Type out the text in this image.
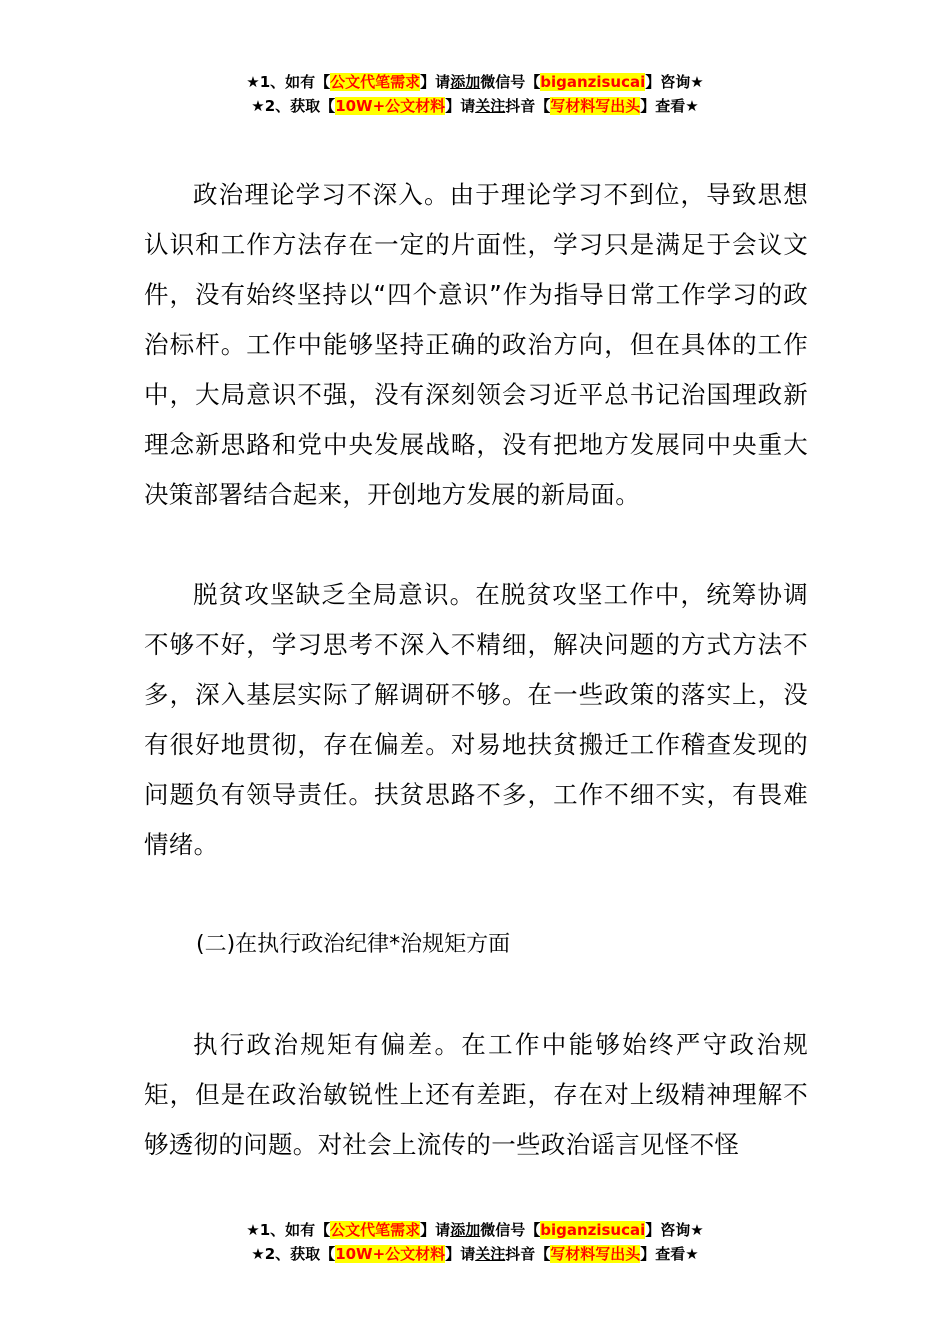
★1、如有【公文代笔需求】请添加微信号【biganzisucai】咨询★
★2、获取【10W+公文材料】请关注抖音【写材料写出头】查看★

政治理论学习不深入。由于理论学习不到位，导致思想认识和工作方法存在一定的片面性，学习只是满足于会议文件，没有始终坚持以“四个意识”作为指导日常工作学习的政治标杆。工作中能够坚持正确的政治方向，但在具体的工作中，大局意识不强，没有深刻领会习近平总书记治国理政新理念新思路和党中央发展战略，没有把地方发展同中央重大决策部署结合起来，开创地方发展的新局面。

脱贫攻坚缺乏全局意识。在脱贫攻坚工作中，统筹协调不够不好，学习思考不深入不精细，解决问题的方式方法不多，深入基层实际了解调研不够。在一些政策的落实上，没有很好地贯彻，存在偏差。对易地扶贫搬迁工作稽查发现的问题负有领导责任。扶贫思路不多，工作不细不实，有畏难情绪。

(二)在执行政治纪律*治规矩方面

执行政治规矩有偏差。在工作中能够始终严守政治规矩，但是在政治敏锐性上还有差距，存在对上级精神理解不够透彻的问题。对社会上流传的一些政治谣言见怪不怪

★1、如有【公文代笔需求】请添加微信号【biganzisucai】咨询★
★2、获取【10W+公文材料】请关注抖音【写材料写出头】查看★
